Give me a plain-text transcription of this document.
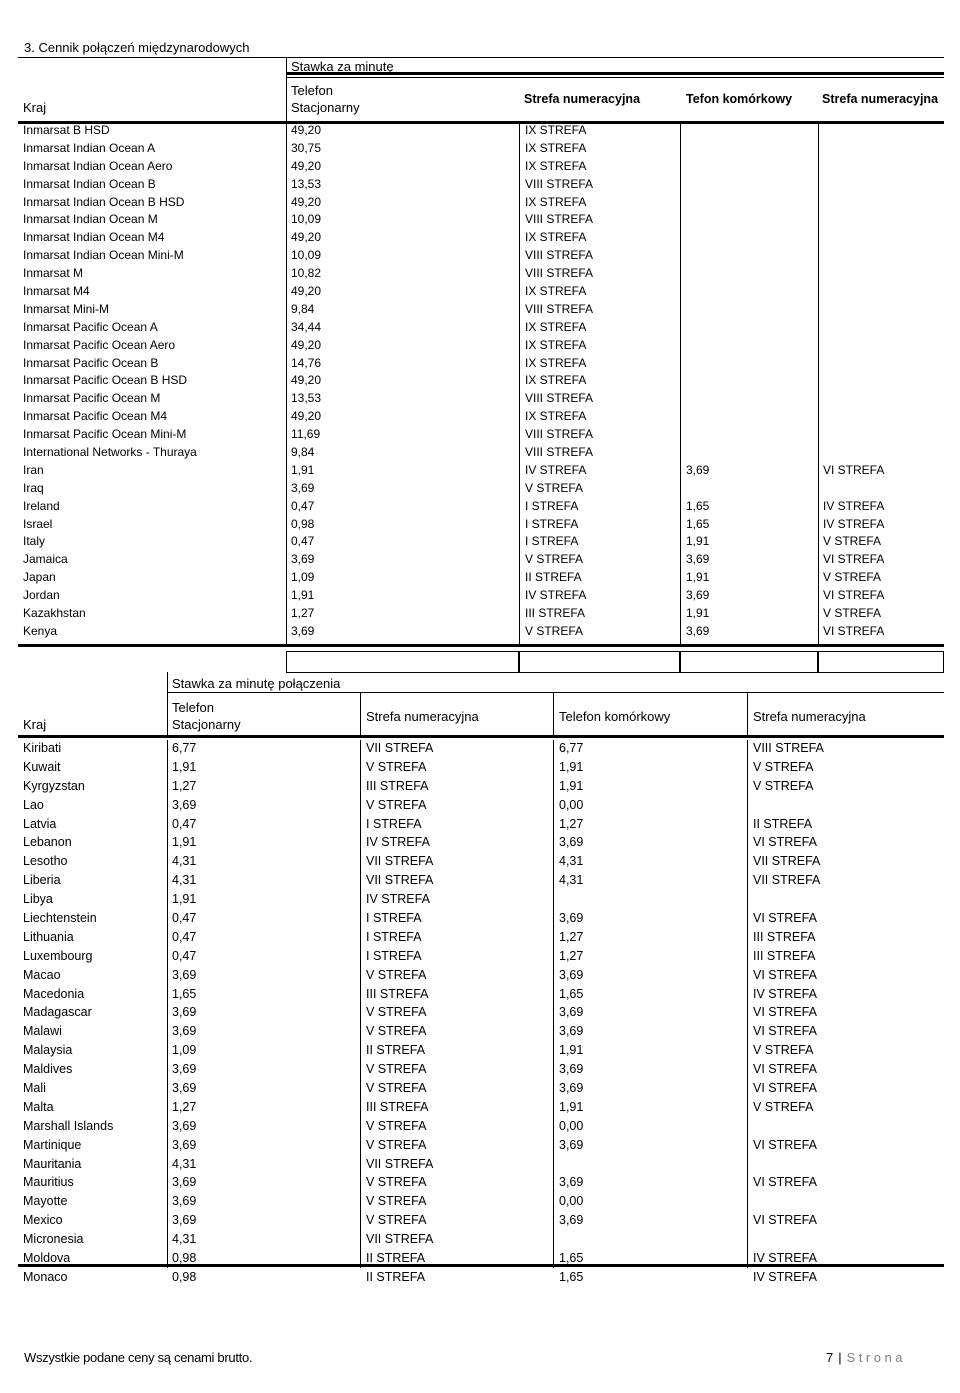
3. Cennik połączeń międzynarodowych
Stawka za minutę
Kraj
Telefon
Stacjonarny
Strefa numeracyjna	Tefon komórkowy Strefa numeracyjna
Inmarsat B HSD	49,20	IX STREFA
Inmarsat Indian Ocean A	30,75	IX STREFA
Inmarsat Indian Ocean Aero	49,20	IX STREFA
Inmarsat Indian Ocean B	13,53	VIII STREFA
Inmarsat Indian Ocean B HSD	49,20	IX STREFA
Inmarsat Indian Ocean M	10,09	VIII STREFA
Inmarsat Indian Ocean M4	49,20	IX STREFA
Inmarsat Indian Ocean Mini-M	10,09	VIII STREFA
Inmarsat M	10,82	VIII STREFA
Inmarsat M4	49,20	IX STREFA
Inmarsat Mini-M	9,84	VIII STREFA
Inmarsat Pacific Ocean A	34,44	IX STREFA
Inmarsat Pacific Ocean Aero	49,20	IX STREFA
Inmarsat Pacific Ocean B	14,76	IX STREFA
Inmarsat Pacific Ocean B HSD	49,20	IX STREFA
Inmarsat Pacific Ocean M	13,53	VIII STREFA
Inmarsat Pacific Ocean M4	49,20	IX STREFA
Inmarsat Pacific Ocean Mini-M	11,69	VIII STREFA
International Networks - Thuraya	9,84	VIII STREFA
Iran	1,91	IV STREFA	3,69	VI STREFA
Iraq	3,69	V STREFA
Ireland	0,47	I STREFA	1,65	IV STREFA
Israel	0,98	I STREFA	1,65	IV STREFA
Italy	0,47	I STREFA	1,91	V STREFA
Jamaica	3,69	V STREFA	3,69	VI STREFA
Japan	1,09	II STREFA	1,91	V STREFA
Jordan	1,91	IV STREFA	3,69	VI STREFA
Kazakhstan	1,27	III STREFA	1,91	V STREFA
Kenya	3,69	V STREFA	3,69	VI STREFA
Stawka za minutę połączenia
Kraj
Telefon
Stacjonarny
Strefa numeracyjna	Telefon komórkowy	Strefa numeracyjna
Kiribati	6,77	VII STREFA	6,77	VIII STREFA
Kuwait	1,91	V STREFA	1,91	V STREFA
Kyrgyzstan	1,27	III STREFA	1,91	V STREFA
Lao	3,69	V STREFA	0,00
Latvia	0,47	I STREFA	1,27	II STREFA
Lebanon	1,91	IV STREFA	3,69	VI STREFA
Lesotho	4,31	VII STREFA	4,31	VII STREFA
Liberia	4,31	VII STREFA	4,31	VII STREFA
Libya	1,91	IV STREFA
Liechtenstein	0,47	I STREFA	3,69	VI STREFA
Lithuania	0,47	I STREFA	1,27	III STREFA
Luxembourg	0,47	I STREFA	1,27	III STREFA
Macao	3,69	V STREFA	3,69	VI STREFA
Macedonia	1,65	III STREFA	1,65	IV STREFA
Madagascar	3,69	V STREFA	3,69	VI STREFA
Malawi	3,69	V STREFA	3,69	VI STREFA
Malaysia	1,09	II STREFA	1,91	V STREFA
Maldives	3,69	V STREFA	3,69	VI STREFA
Mali	3,69	V STREFA	3,69	VI STREFA
Malta	1,27	III STREFA	1,91	V STREFA
Marshall Islands	3,69	V STREFA	0,00
Martinique	3,69	V STREFA	3,69	VI STREFA
Mauritania	4,31	VII STREFA
Mauritius	3,69	V STREFA	3,69	VI STREFA
Mayotte	3,69	V STREFA	0,00
Mexico	3,69	V STREFA	3,69	VI STREFA
Micronesia	4,31	VII STREFA
Moldova	0,98	II STREFA	1,65	IV STREFA
Monaco	0,98	II STREFA	1,65	IV STREFA
Wszystkie podane ceny są cenami brutto.	7 | Strona
